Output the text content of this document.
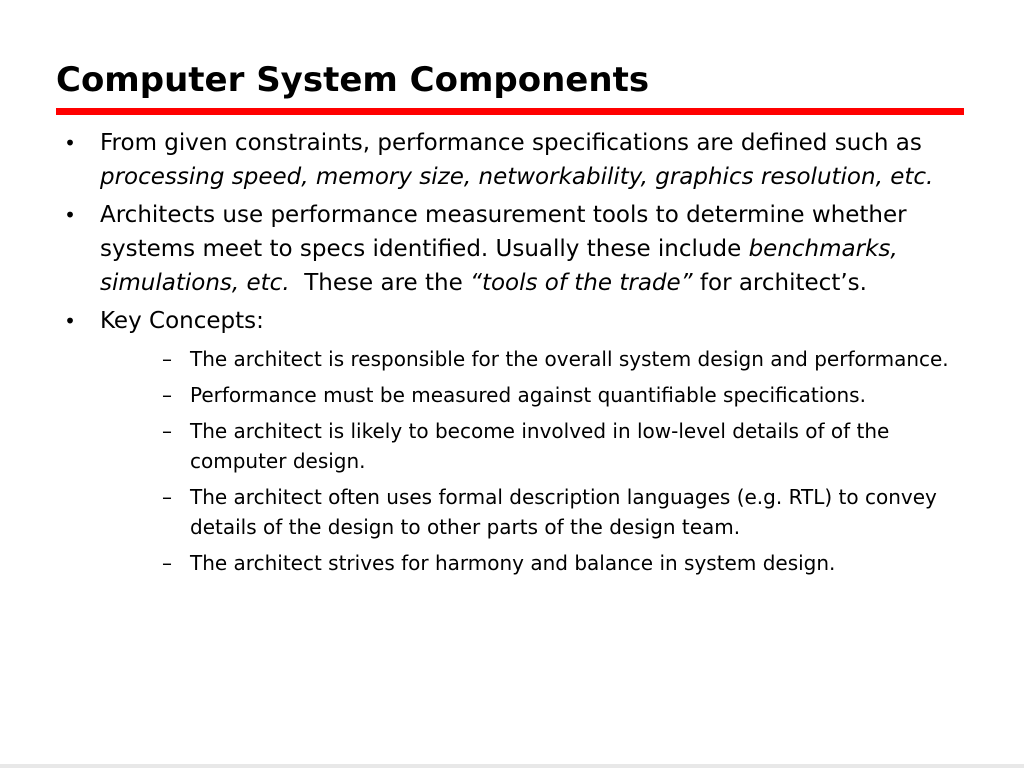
Computer System Components
• From given constraints, performance specifications are defined such as processing speed, memory size, networkability, graphics resolution, etc.
• Architects use performance measurement tools to determine whether systems meet to specs identified. Usually these include benchmarks, simulations, etc.  These are the “tools of the trade” for architect’s.
• Key Concepts:
– The architect is responsible for the overall system design and performance.
– Performance must be measured against quantifiable specifications.
– The architect is likely to become involved in low-level details of of the computer design.
– The architect often uses formal description languages (e.g. RTL) to convey details of the design to other parts of the design team.
– The architect strives for harmony and balance in system design.
